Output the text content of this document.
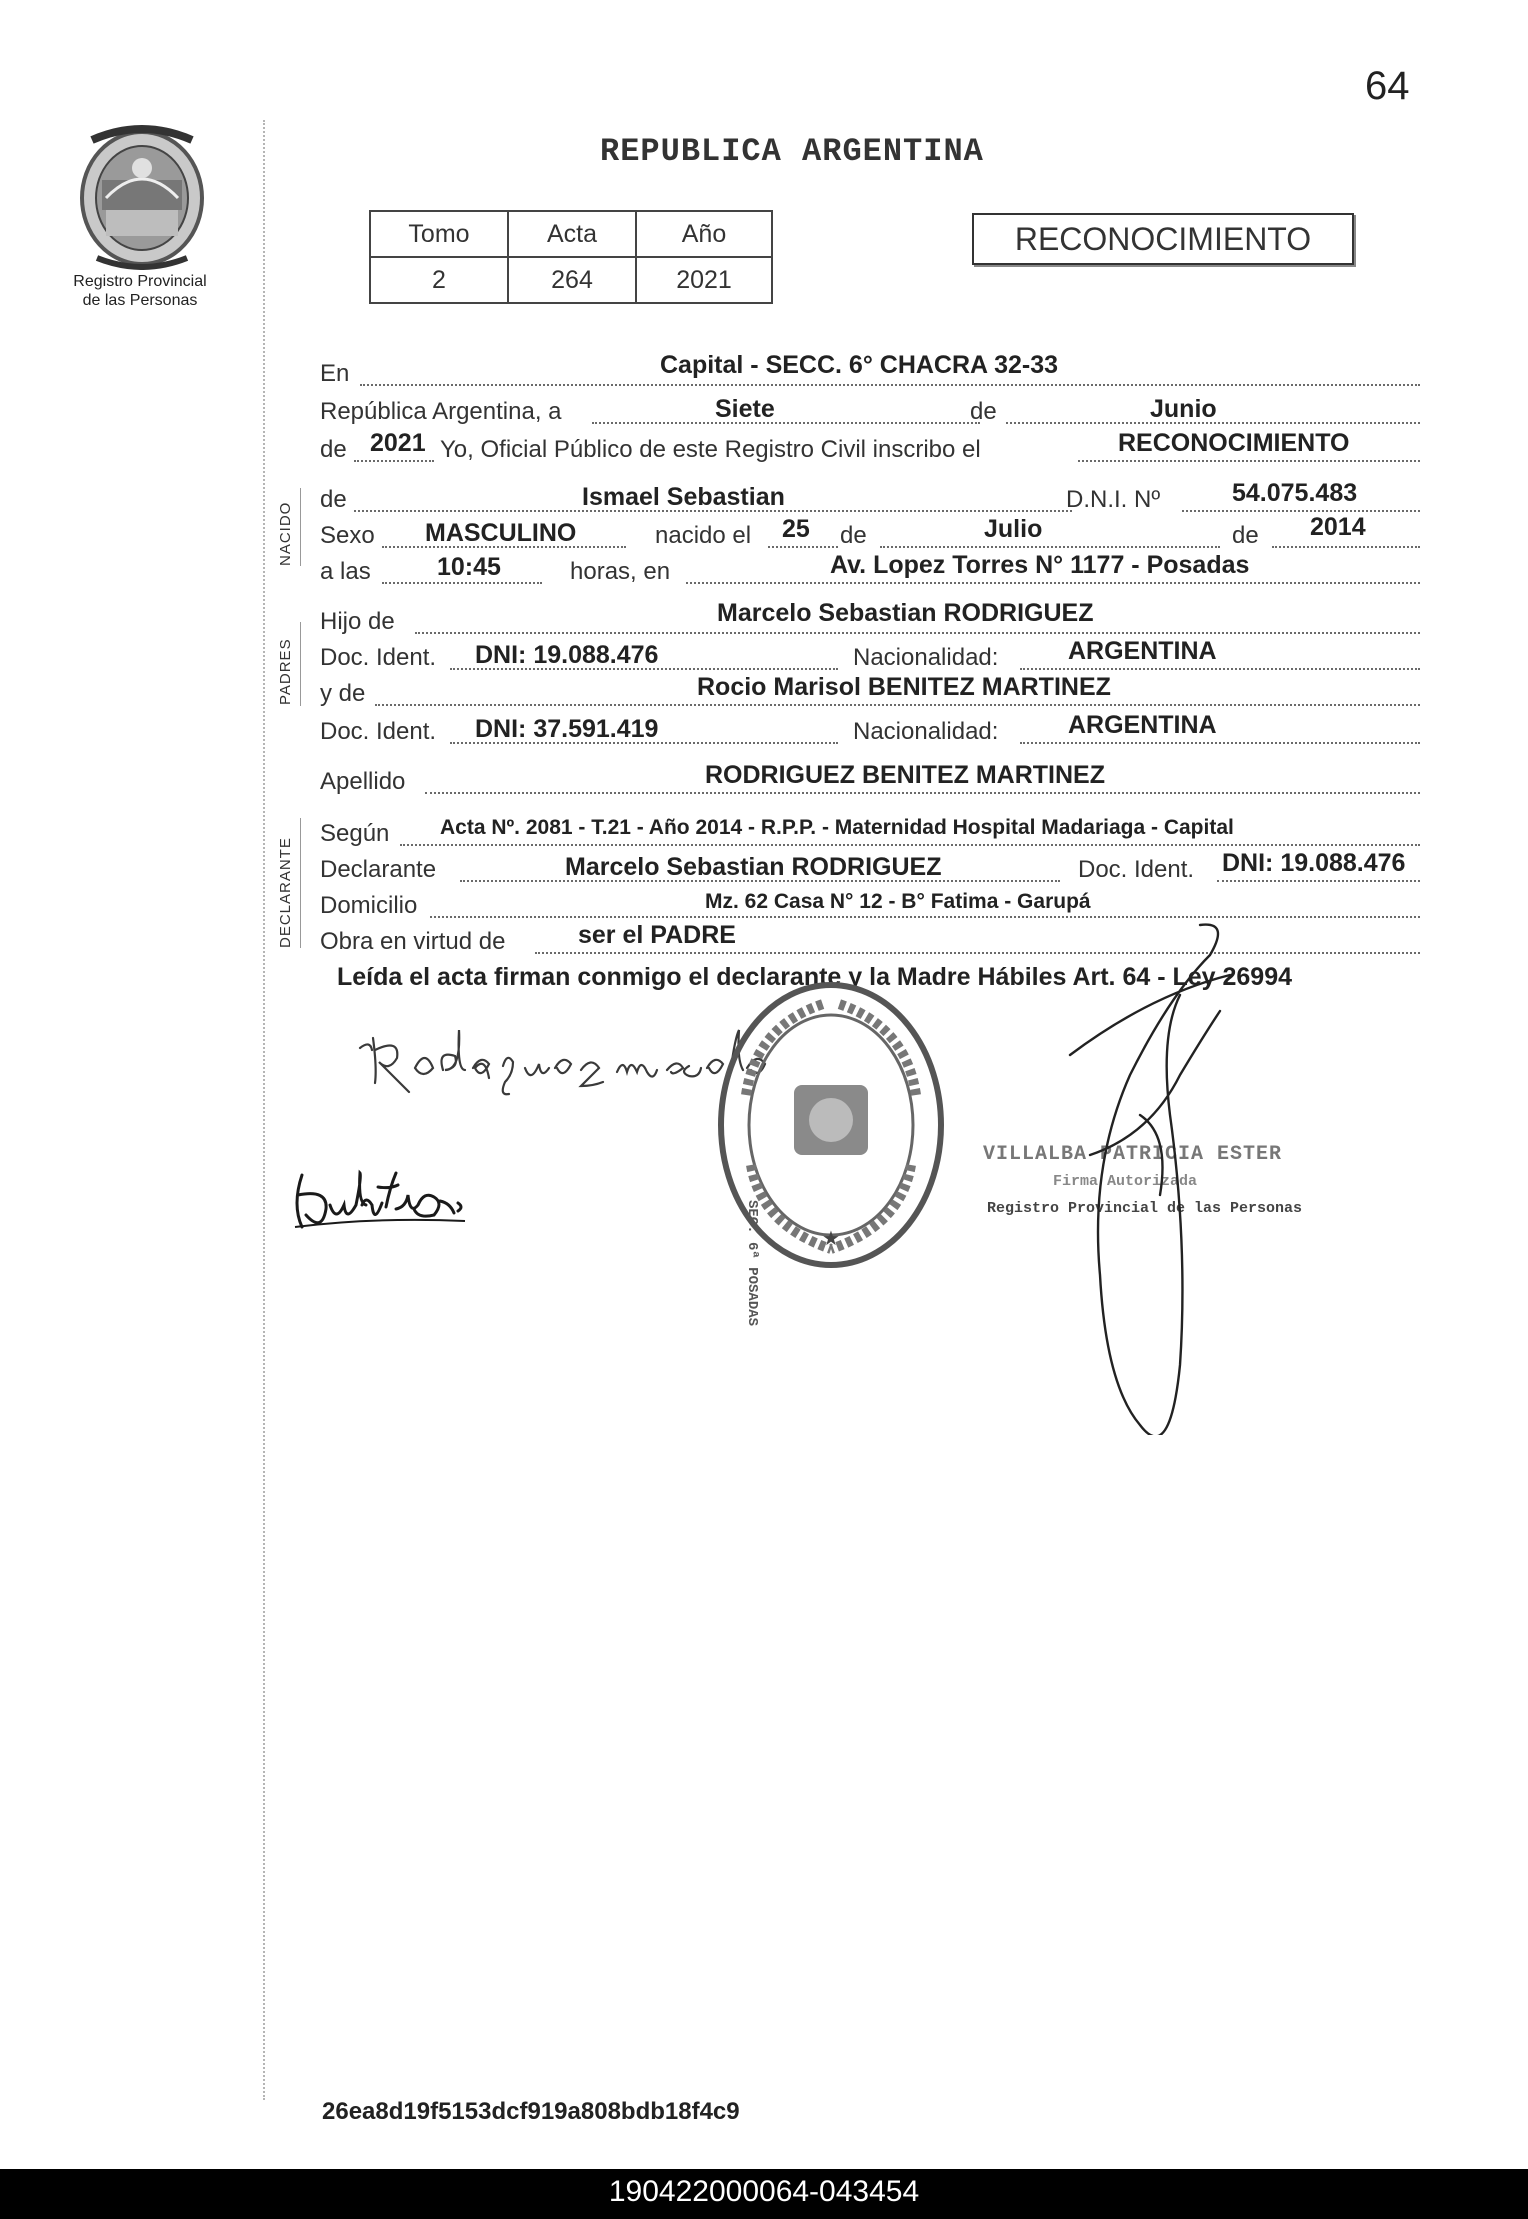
64
Registro Provincial
de las Personas
REPUBLICA ARGENTINA
Tomo	Acta	Año
2	264	2021
RECONOCIMIENTO
NACIDO
PADRES
DECLARANTE
En	Capital - SECC. 6° CHACRA 32-33
República Argentina, a	Siete	de	Junio
de 2021 Yo, Oficial Público de este Registro Civil inscribo el	RECONOCIMIENTO
de	Ismael Sebastian	D.N.I. Nº	54.075.483
Sexo MASCULINO	nacido el 25 de	Julio	de 2014
a las	10:45	horas, en	Av. Lopez Torres N° 1177 - Posadas
Hijo de	Marcelo Sebastian RODRIGUEZ
Doc. Ident. DNI: 19.088.476	Nacionalidad:	ARGENTINA
y de	Rocio Marisol BENITEZ MARTINEZ
Doc. Ident. DNI: 37.591.419	Nacionalidad:	ARGENTINA
Apellido	RODRIGUEZ BENITEZ MARTINEZ
Según Acta Nº. 2081 - T.21 - Año 2014 - R.P.P. - Maternidad Hospital Madariaga - Capital
Declarante	Marcelo Sebastian RODRIGUEZ	Doc. Ident. DNI: 19.088.476
Domicilio	Mz. 62 Casa N° 12 - B° Fatima - Garupá
Obra en virtud de	ser el PADRE
Leída el acta firman conmigo el declarante y la Madre Hábiles Art. 64 - Ley 26994
★
SEC. 6ª POSADAS
VILLALBA PATRICIA ESTER
Firma Autorizada
Registro Provincial de las Personas
26ea8d19f5153dcf919a808bdb18f4c9
190422000064-043454
